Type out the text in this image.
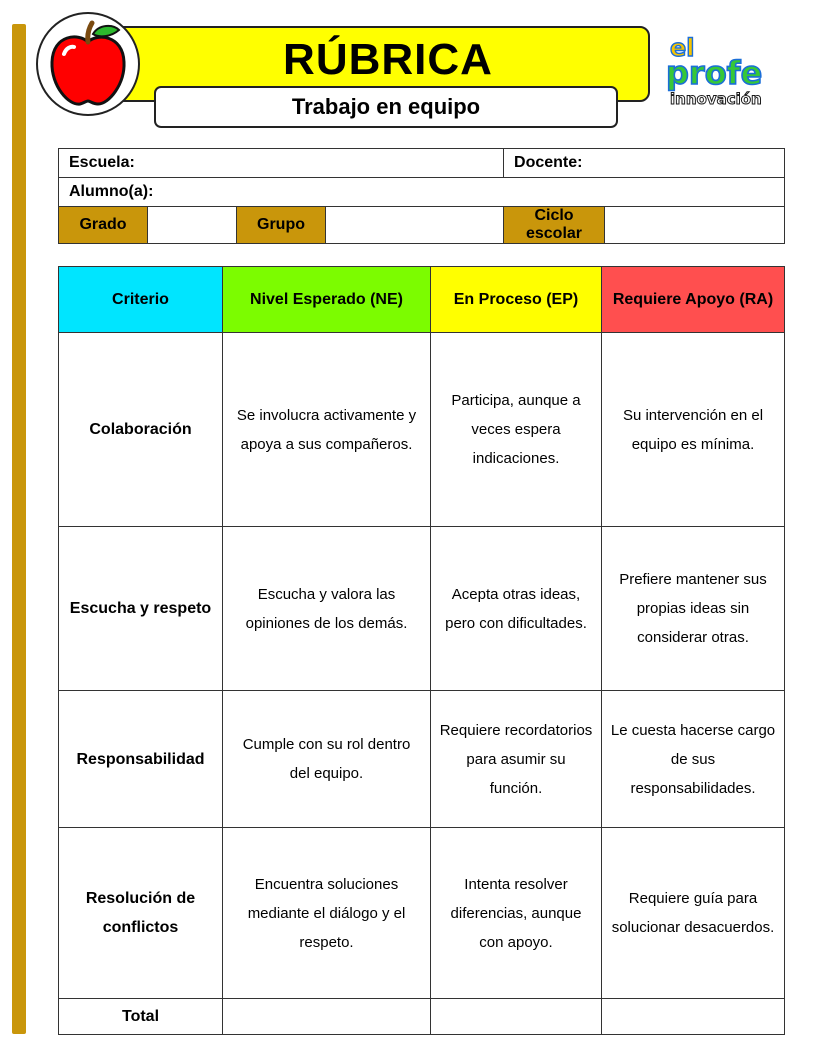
RÚBRICA
Trabajo en equipo
el
profe
innovación
Escuela:				Docente:	
Alumno(a):					
Grado		Grupo		Ciclo escolar	
Criterio	Nivel Esperado (NE)	En Proceso (EP)	Requiere Apoyo (RA)
Colaboración	Se involucra activamente y apoya a sus compañeros.	Participa, aunque a veces espera indicaciones.	Su intervención en el equipo es mínima.
Escucha y respeto	Escucha y valora las opiniones de los demás.	Acepta otras ideas, pero con dificultades.	Prefiere mantener sus propias ideas sin considerar otras.
Responsabilidad	Cumple con su rol dentro del equipo.	Requiere recordatorios para asumir su función.	Le cuesta hacerse cargo de sus responsabilidades.
Resolución de conflictos	Encuentra soluciones mediante el diálogo y el respeto.	Intenta resolver diferencias, aunque con apoyo.	Requiere guía para solucionar desacuerdos.
Total			
